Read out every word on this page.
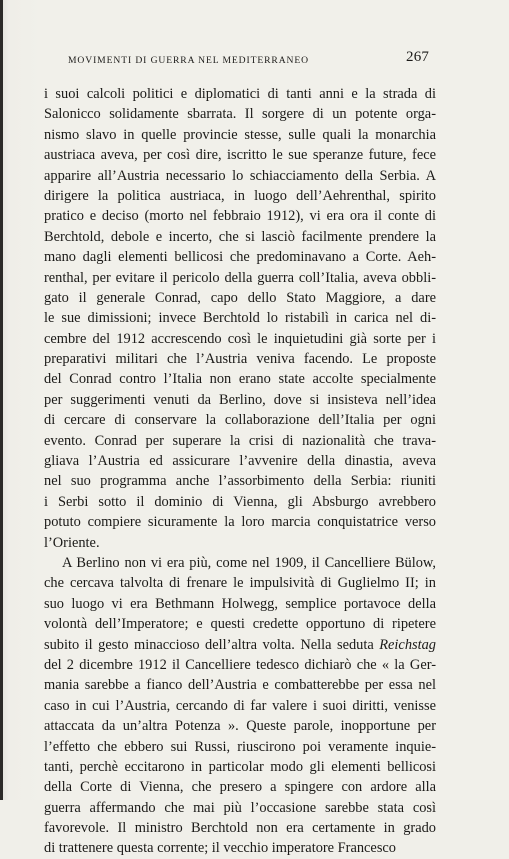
MOVIMENTI DI GUERRA NEL MEDITERRANEO	267
i suoi calcoli politici e diplomatici di tanti anni e la strada di
Salonicco solidamente sbarrata. Il sorgere di un potente orga-
nismo slavo in quelle provincie stesse, sulle quali la monarchia
austriaca aveva, per così dire, iscritto le sue speranze future, fece
apparire all’Austria necessario lo schiacciamento della Serbia. A
dirigere la politica austriaca, in luogo dell’Aehrenthal, spirito
pratico e deciso (morto nel febbraio 1912), vi era ora il conte di
Berchtold, debole e incerto, che si lasciò facilmente prendere la
mano dagli elementi bellicosi che predominavano a Corte. Aeh-
renthal, per evitare il pericolo della guerra coll’Italia, aveva obbli-
gato il generale Conrad, capo dello Stato Maggiore, a dare
le sue dimissioni; invece Berchtold lo ristabilì in carica nel di-
cembre del 1912 accrescendo così le inquietudini già sorte per i
preparativi militari che l’Austria veniva facendo. Le proposte
del Conrad contro l’Italia non erano state accolte specialmente
per suggerimenti venuti da Berlino, dove si insisteva nell’idea
di cercare di conservare la collaborazione dell’Italia per ogni
evento. Conrad per superare la crisi di nazionalità che trava-
gliava l’Austria ed assicurare l’avvenire della dinastia, aveva
nel suo programma anche l’assorbimento della Serbia: riuniti
i Serbi sotto il dominio di Vienna, gli Absburgo avrebbero
potuto compiere sicuramente la loro marcia conquistatrice verso
l’Oriente.
A Berlino non vi era più, come nel 1909, il Cancelliere Bülow,
che cercava talvolta di frenare le impulsività di Guglielmo II; in
suo luogo vi era Bethmann Holwegg, semplice portavoce della
volontà dell’Imperatore; e questi credette opportuno di ripetere
subito il gesto minaccioso dell’altra volta. Nella seduta Reichstag
del 2 dicembre 1912 il Cancelliere tedesco dichiarò che « la Ger-
mania sarebbe a fianco dell’Austria e combatterebbe per essa nel
caso in cui l’Austria, cercando di far valere i suoi diritti, venisse
attaccata da un’altra Potenza ». Queste parole, inopportune per
l’effetto che ebbero sui Russi, riuscirono poi veramente inquie-
tanti, perchè eccitarono in particolar modo gli elementi bellicosi
della Corte di Vienna, che presero a spingere con ardore alla
guerra affermando che mai più l’occasione sarebbe stata così
favorevole. Il ministro Berchtold non era certamente in grado
di trattenere questa corrente; il vecchio imperatore Francesco
